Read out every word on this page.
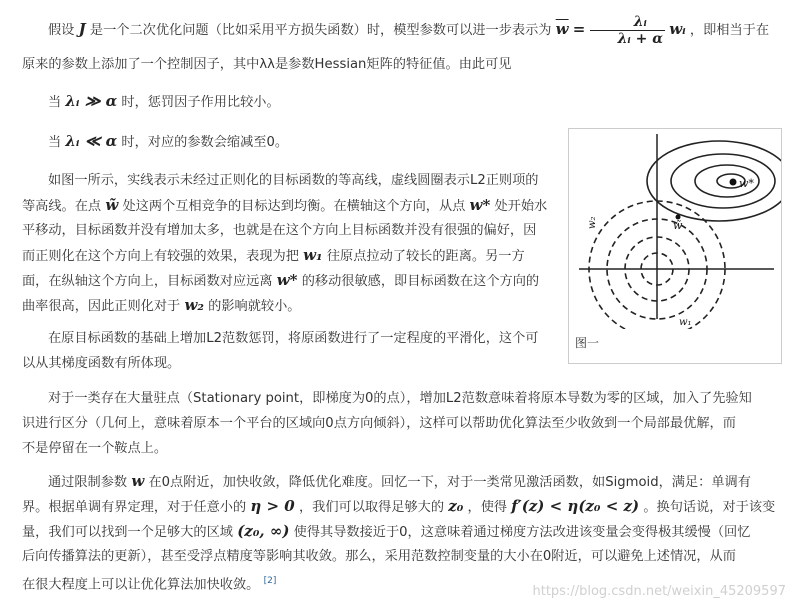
假设 J 是一个二次优化问题（比如采用平方损失函数）时，模型参数可以进一步表示为 $\overline{w} = \frac{\text{λᵢ}}{\text{λᵢ + α}}$ wᵢ ，即相当于在原来的参数上添加了一个控制因子，其中λλ是参数Hessian矩阵的特征值。由此可见
当 λᵢ ≫ α 时，惩罚因子作用比较小。
当 λᵢ ≪ α 时，对应的参数会缩减至0。
如图一所示，实线表示未经过正则化的目标函数的等高线，虚线圆圈表示L2正则项的
等高线。在点 w̃ 处这两个互相竞争的目标达到均衡。在横轴这个方向，从点 w* 处开始水
平移动，目标函数并没有增加太多，也就是在这个方向上目标函数并没有很强的偏好，因
而正则化在这个方向上有较强的效果，表现为把 w₁ 往原点拉动了较长的距离。另一方
面，在纵轴这个方向上，目标函数对应远离 w* 的移动很敏感，即目标函数在这个方向的
曲率很高，因此正则化对于 w₂ 的影响就较小。
在原目标函数的基础上增加L2范数惩罚，将原函数进行了一定程度的平滑化，这个可
以从其梯度函数有所体现。
对于一类存在大量驻点（Stationary point，即梯度为0的点），增加L2范数意味着将原本导数为零的区域，加入了先验知
识进行区分（几何上，意味着原本一个平台的区域向0点方向倾斜），这样可以帮助优化算法至少收敛到一个局部最优解，而
不是停留在一个鞍点上。
通过限制参数 w 在0点附近，加快收敛，降低优化难度。回忆一下，对于一类常见激活函数，如Sigmoid，满足：单调有
界。根据单调有界定理，对于任意小的 η > 0 ，我们可以取得足够大的 z₀ ，使得 f′(z) < η(z₀ < z) 。换句话说，对于该变
量，我们可以找到一个足够大的区域 (z₀, ∞) 使得其导数接近于0，这意味着通过梯度方法改进该变量会变得极其缓慢（回忆
后向传播算法的更新），甚至受浮点精度等影响其收敛。那么，采用范数控制变量的大小在0附近，可以避免上述情况，从而
在很大程度上可以让优化算法加快收敛。 [2]
w*
w̃
w₁
w₂
图一
https://blog.csdn.net/weixin_45209597
